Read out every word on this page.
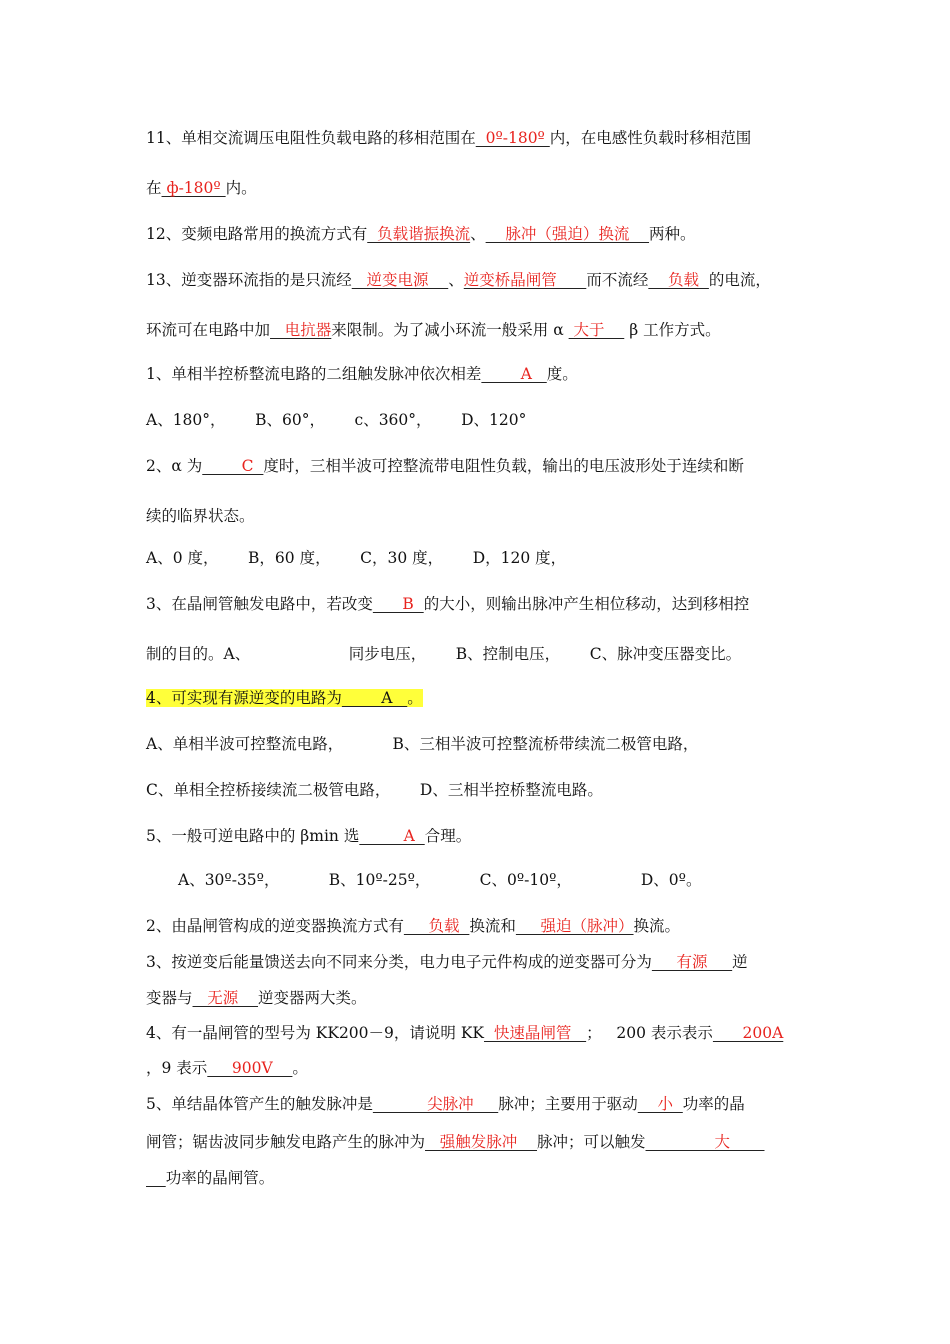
11、单相交流调压电阻性负载电路的移相范围在  0º-180º 内，在电感性负载时移相范围
在 ф-180º 内。
12、变频电路常用的换流方式有  负载谐振换流、    脉冲（强迫）换流    两种。
13、逆变器环流指的是只流经   逆变电源    、逆变桥晶闸管      而不流经    负载  的电流，
环流可在电路中加   电抗器来限制。为了减小环流一般采用 α  大于     β 工作方式。
1、单相半控桥整流电路的二组触发脉冲依次相差        A   度。
A、180°，      B、60°，      c、360°，      D、120°
2、α 为        C  度时，三相半波可控整流带电阻性负载，输出的电压波形处于连续和断
续的临界状态。
A、0 度，      B，60 度，      C，30 度，      D，120 度，
3、在晶闸管触发电路中，若改变      B  的大小，则输出脉冲产生相位移动，达到移相控
制的目的。A、                    同步电压，      B、控制电压，      C、脉冲变压器变比。
4、可实现有源逆变的电路为        A   。
A、单相半波可控整流电路，          B、三相半波可控整流桥带续流二极管电路，
C、单相全控桥接续流二极管电路，      D、三相半控桥整流电路。
5、一般可逆电路中的 βmin 选         A  合理。
A、30º-35º，          B、10º-25º，          C、0º-10º，              D、0º。
2、由晶闸管构成的逆变器换流方式有     负载  换流和     强迫（脉冲）换流。
3、按逆变后能量馈送去向不同来分类，电力电子元件构成的逆变器可分为     有源     逆
变器与   无源    逆变器两大类。
4、有一晶闸管的型号为 KK200－9，请说明 KK  快速晶闸管   ；   200 表示表示      200A
，9 表示     900V    。
5、单结晶体管产生的触发脉冲是           尖脉冲     脉冲；主要用于驱动    小  功率的晶
闸管；锯齿波同步触发电路产生的脉冲为   强触发脉冲    脉冲；可以触发              大
功率的晶闸管。
